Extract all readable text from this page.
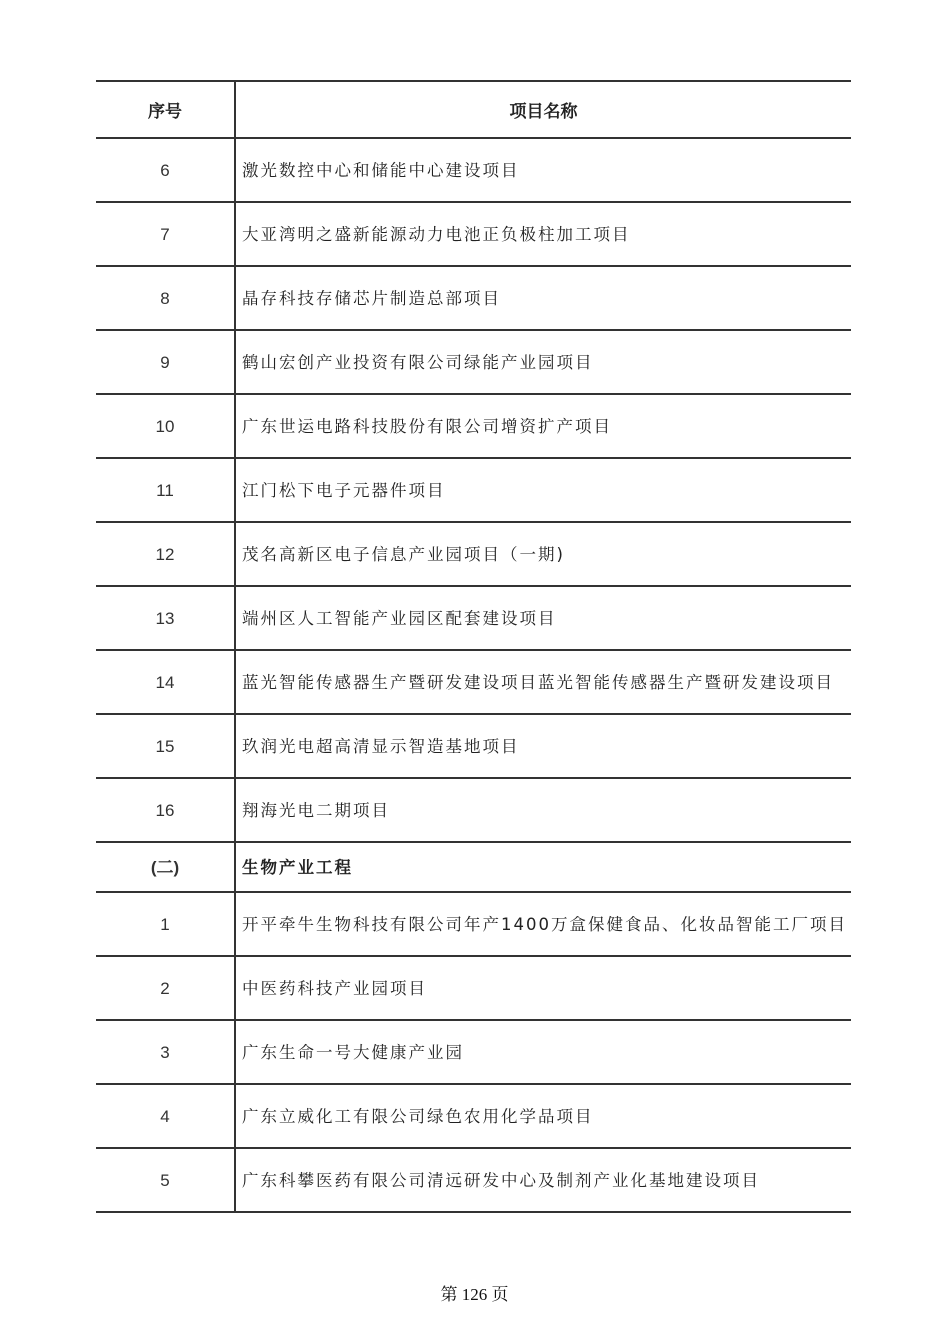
序号	项目名称
6	激光数控中心和储能中心建设项目
7	大亚湾明之盛新能源动力电池正负极柱加工项目
8	晶存科技存储芯片制造总部项目
9	鹤山宏创产业投资有限公司绿能产业园项目
10	广东世运电路科技股份有限公司增资扩产项目
11	江门松下电子元器件项目
12	茂名高新区电子信息产业园项目（一期)
13	端州区人工智能产业园区配套建设项目
14	蓝光智能传感器生产暨研发建设项目蓝光智能传感器生产暨研发建设项目
15	玖润光电超高清显示智造基地项目
16	翔海光电二期项目
(二)	生物产业工程
1	开平牵牛生物科技有限公司年产1400万盒保健食品、化妆品智能工厂项目
2	中医药科技产业园项目
3	广东生命一号大健康产业园
4	广东立威化工有限公司绿色农用化学品项目
5	广东科攀医药有限公司清远研发中心及制剂产业化基地建设项目
第 126 页
